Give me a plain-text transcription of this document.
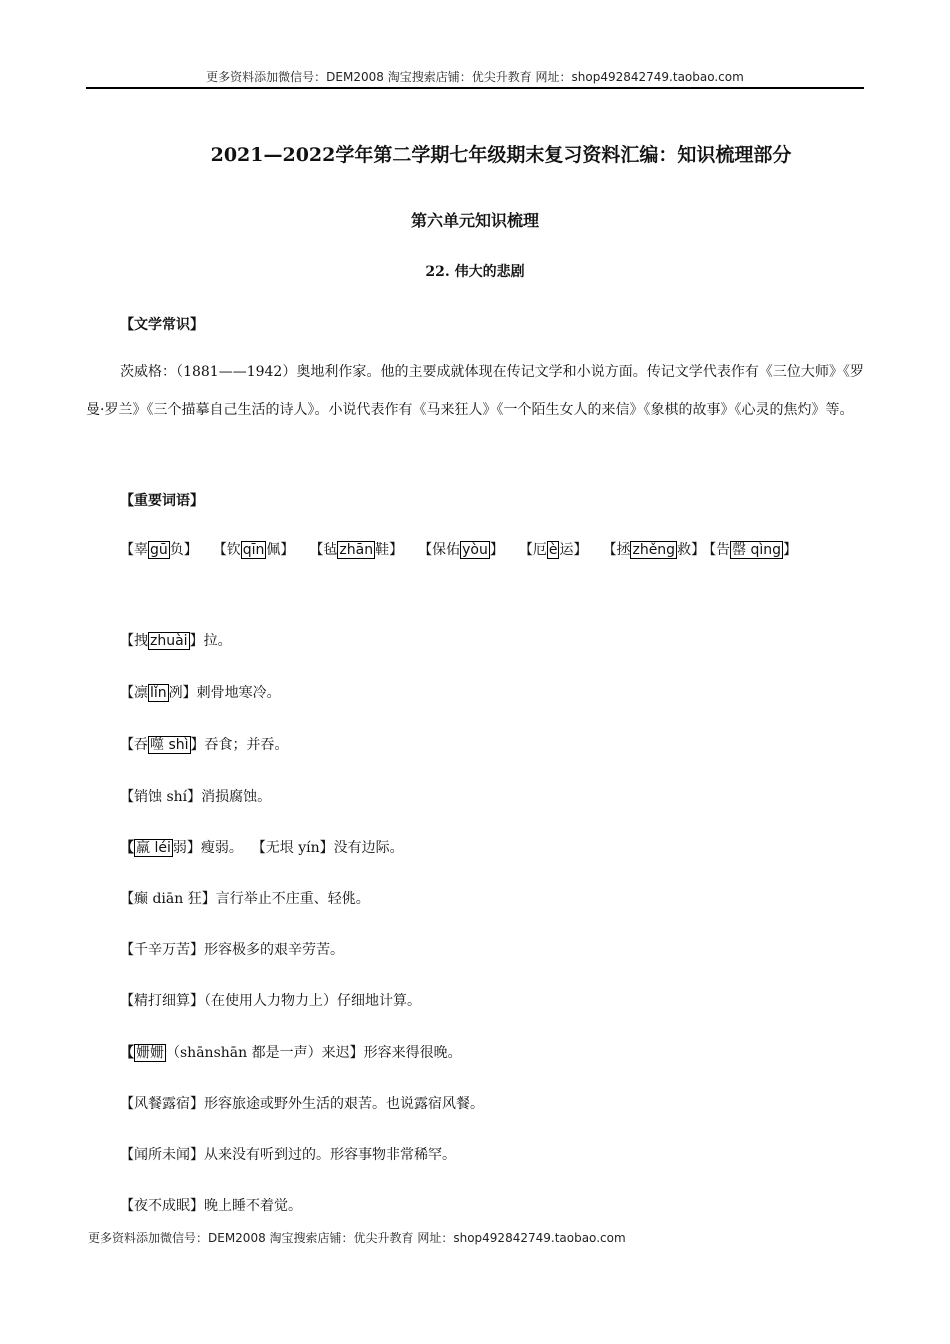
更多资料添加微信号：DEM2008 淘宝搜索店铺：优尖升教育 网址：shop492842749.taobao.com
2021—2022学年第二学期七年级期末复习资料汇编：知识梳理部分
第六单元知识梳理
22. 伟大的悲剧
【文学常识】
茨威格：（1881——1942）奥地利作家。他的主要成就体现在传记文学和小说方面。传记文学代表作有《三位大师》《罗曼·罗兰》《三个描摹自己生活的诗人》。小说代表作有《马来狂人》《一个陌生女人的来信》《象棋的故事》《心灵的焦灼》等。
【重要词语】
【辜 gū 负】 【钦 qīn 佩】 【毡 zhān 鞋】 【保佑 yòu 】 【厄 è 运】 【拯 zhěng 救】 【告 罄 qìng 】
【拽 zhuài 】拉。
【凛 lǐn 冽】刺骨地寒冷。
【吞 噬 shì 】吞食；并吞。
【销蚀 shí】消损腐蚀。
【 羸 léi 弱】瘦弱。 【无垠 yín】没有边际。
【癫 diān 狂】言行举止不庄重、轻佻。
【千辛万苦】形容极多的艰辛劳苦。
【精打细算】（在使用人力物力上）仔细地计算。
【 姗姗 （shānshān 都是一声）来迟】形容来得很晚。
【风餐露宿】形容旅途或野外生活的艰苦。也说露宿风餐。
【闻所未闻】从来没有听到过的。形容事物非常稀罕。
【夜不成眠】晚上睡不着觉。
更多资料添加微信号：DEM2008 淘宝搜索店铺：优尖升教育 网址：shop492842749.taobao.com
